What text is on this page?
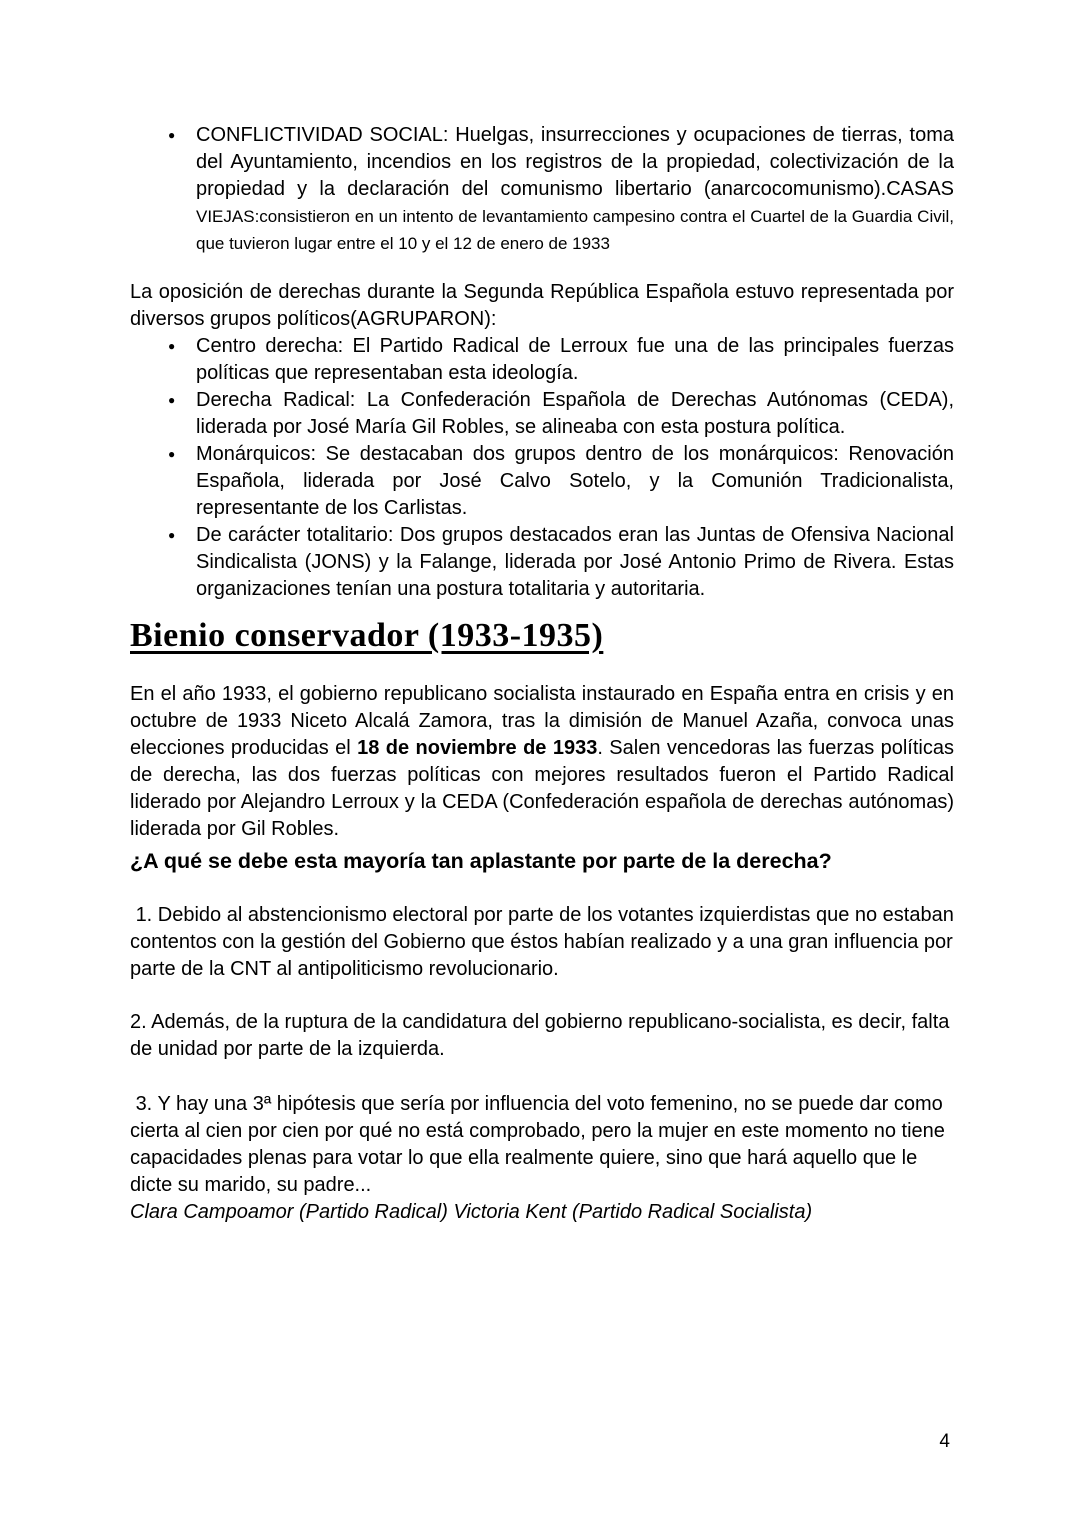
● CONFLICTIVIDAD SOCIAL: Huelgas, insurrecciones y ocupaciones de tierras, toma del Ayuntamiento, incendios en los registros de la propiedad, colectivización de la propiedad y la declaración del comunismo libertario (anarcocomunismo).CASAS VIEJAS:consistieron en un intento de levantamiento campesino contra el Cuartel de la Guardia Civil, que tuvieron lugar entre el 10 y el 12 de enero de 1933

La oposición de derechas durante la Segunda República Española estuvo representada por diversos grupos políticos(AGRUPARON):

● Centro derecha: El Partido Radical de Lerroux fue una de las principales fuerzas políticas que representaban esta ideología.
● Derecha Radical: La Confederación Española de Derechas Autónomas (CEDA), liderada por José María Gil Robles, se alineaba con esta postura política.
● Monárquicos: Se destacaban dos grupos dentro de los monárquicos: Renovación Española, liderada por José Calvo Sotelo, y la Comunión Tradicionalista, representante de los Carlistas.
● De carácter totalitario: Dos grupos destacados eran las Juntas de Ofensiva Nacional Sindicalista (JONS) y la Falange, liderada por José Antonio Primo de Rivera. Estas organizaciones tenían una postura totalitaria y autoritaria.
Bienio conservador (1933-1935)

En el año 1933, el gobierno republicano socialista instaurado en España entra en crisis y en octubre de 1933 Niceto Alcalá Zamora, tras la dimisión de Manuel Azaña, convoca unas elecciones producidas el 18 de noviembre de 1933. Salen vencedoras las fuerzas políticas de derecha, las dos fuerzas políticas con mejores resultados fueron el Partido Radical liderado por Alejandro Lerroux y la CEDA (Confederación española de derechas autónomas) liderada por Gil Robles.

¿A qué se debe esta mayoría tan aplastante por parte de la derecha?

1. Debido al abstencionismo electoral por parte de los votantes izquierdistas que no estaban contentos con la gestión del Gobierno que éstos habían realizado y a una gran influencia por parte de la CNT al antipoliticismo revolucionario.

2. Además, de la ruptura de la candidatura del gobierno republicano-socialista, es decir, falta de unidad por parte de la izquierda.

3. Y hay una 3ª hipótesis que sería por influencia del voto femenino, no se puede dar como cierta al cien por cien por qué no está comprobado, pero la mujer en este momento no tiene capacidades plenas para votar lo que ella realmente quiere, sino que hará aquello que le dicte su marido, su padre...

Clara Campoamor (Partido Radical) Victoria Kent (Partido Radical Socialista)

4
